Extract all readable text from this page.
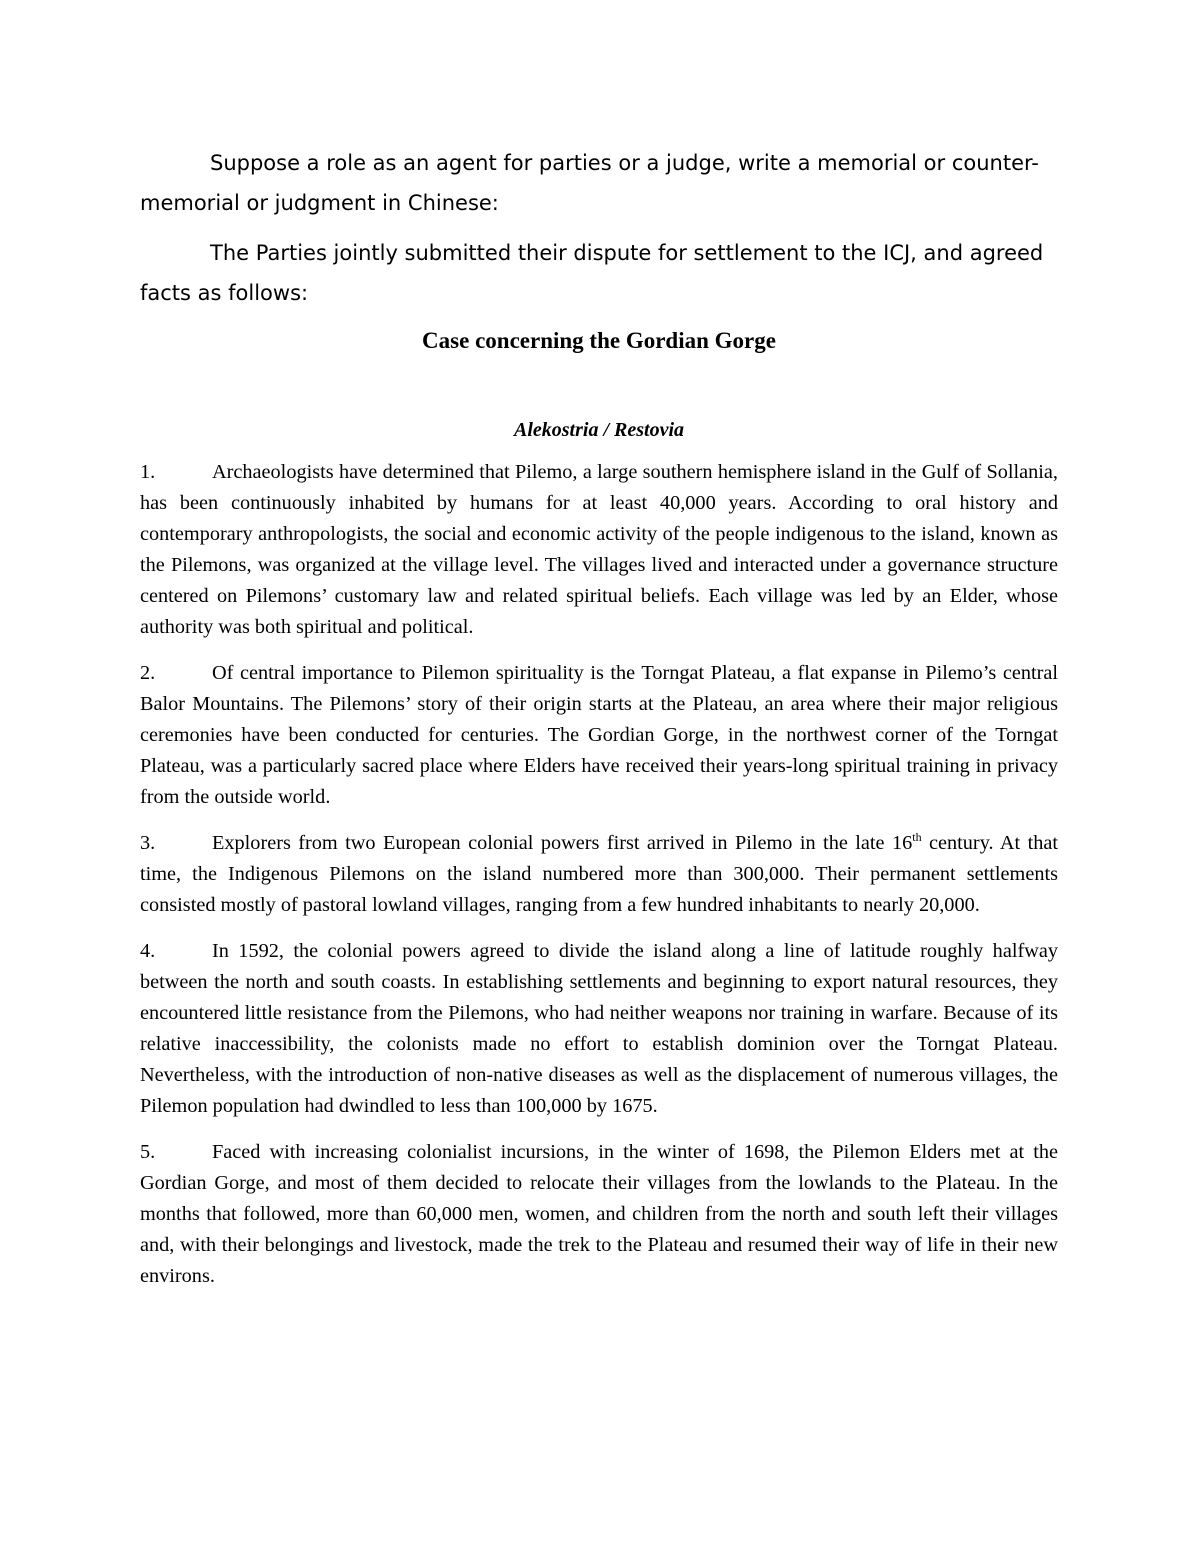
Suppose a role as an agent for parties or a judge, write a memorial or counter-memorial or judgment in Chinese:

The Parties jointly submitted their dispute for settlement to the ICJ, and agreed facts as follows:

Case concerning the Gordian Gorge
Alekostria / Restovia

1.	Archaeologists have determined that Pilemo, a large southern hemisphere island in the Gulf of Sollania, has been continuously inhabited by humans for at least 40,000 years. According to oral history and contemporary anthropologists, the social and economic activity of the people indigenous to the island, known as the Pilemons, was organized at the village level. The villages lived and interacted under a governance structure centered on Pilemons’ customary law and related spiritual beliefs. Each village was led by an Elder, whose authority was both spiritual and political.

2.	Of central importance to Pilemon spirituality is the Torngat Plateau, a flat expanse in Pilemo’s central Balor Mountains. The Pilemons’ story of their origin starts at the Plateau, an area where their major religious ceremonies have been conducted for centuries. The Gordian Gorge, in the northwest corner of the Torngat Plateau, was a particularly sacred place where Elders have received their years-long spiritual training in privacy from the outside world.

3.	Explorers from two European colonial powers first arrived in Pilemo in the late 16th century. At that time, the Indigenous Pilemons on the island numbered more than 300,000. Their permanent settlements consisted mostly of pastoral lowland villages, ranging from a few hundred inhabitants to nearly 20,000.

4.	In 1592, the colonial powers agreed to divide the island along a line of latitude roughly halfway between the north and south coasts. In establishing settlements and beginning to export natural resources, they encountered little resistance from the Pilemons, who had neither weapons nor training in warfare. Because of its relative inaccessibility, the colonists made no effort to establish dominion over the Torngat Plateau. Nevertheless, with the introduction of non-native diseases as well as the displacement of numerous villages, the Pilemon population had dwindled to less than 100,000 by 1675.

5.	Faced with increasing colonialist incursions, in the winter of 1698, the Pilemon Elders met at the Gordian Gorge, and most of them decided to relocate their villages from the lowlands to the Plateau. In the months that followed, more than 60,000 men, women, and children from the north and south left their villages and, with their belongings and livestock, made the trek to the Plateau and resumed their way of life in their new environs.
